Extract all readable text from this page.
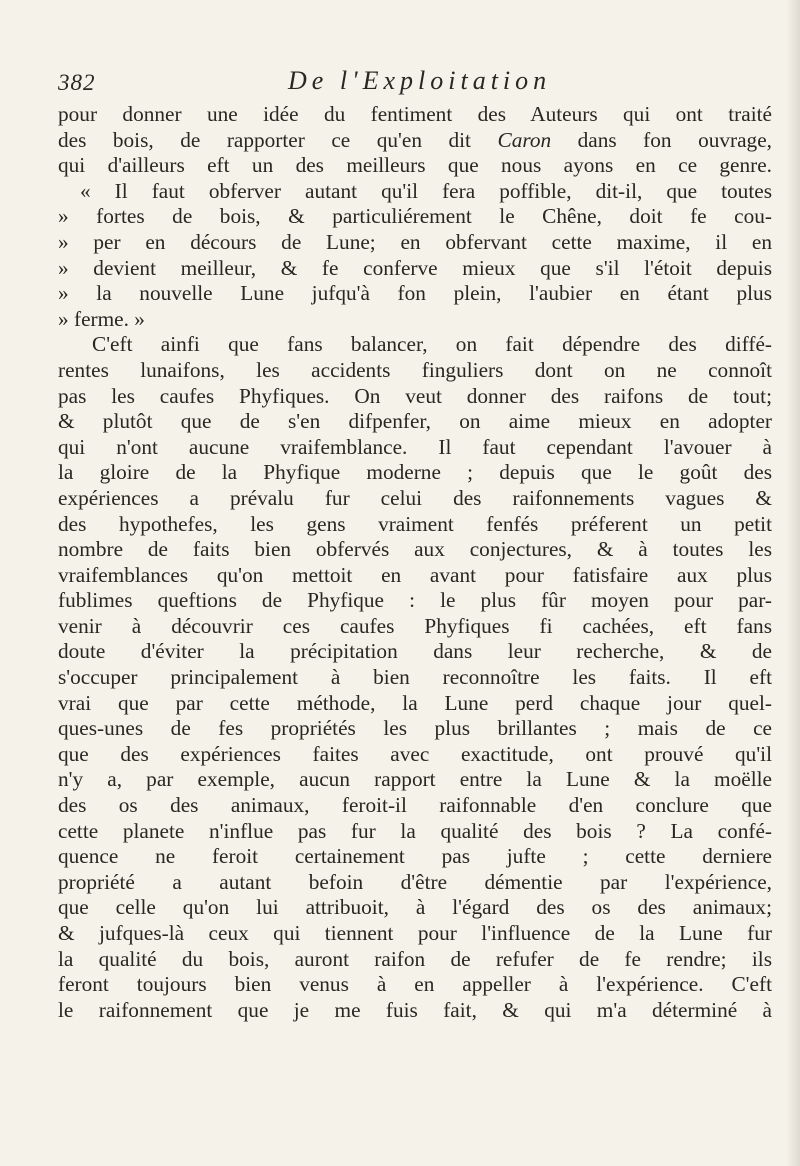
382	De l'Exploitation
pour donner une idée du fentiment des Auteurs qui ont traité
des bois, de rapporter ce qu'en dit Caron dans fon ouvrage,
qui d'ailleurs eft un des meilleurs que nous ayons en ce genre.
« Il faut obferver autant qu'il fera poffible, dit-il, que toutes
» fortes de bois, & particuliérement le Chêne, doit fe cou-
» per en décours de Lune; en obfervant cette maxime, il en
» devient meilleur, & fe conferve mieux que s'il l'étoit depuis
» la nouvelle Lune jufqu'à fon plein, l'aubier en étant plus
» ferme. »
C'eft ainfi que fans balancer, on fait dépendre des diffé-
rentes lunaifons, les accidents finguliers dont on ne connoît
pas les caufes Phyfiques. On veut donner des raifons de tout;
& plutôt que de s'en difpenfer, on aime mieux en adopter
qui n'ont aucune vraifemblance. Il faut cependant l'avouer à
la gloire de la Phyfique moderne ; depuis que le goût des
expériences a prévalu fur celui des raifonnements vagues &
des hypothefes, les gens vraiment fenfés préferent un petit
nombre de faits bien obfervés aux conjectures, & à toutes les
vraifemblances qu'on mettoit en avant pour fatisfaire aux plus
fublimes queftions de Phyfique : le plus fûr moyen pour par-
venir à découvrir ces caufes Phyfiques fi cachées, eft fans
doute d'éviter la précipitation dans leur recherche, & de
s'occuper principalement à bien reconnoître les faits. Il eft
vrai que par cette méthode, la Lune perd chaque jour quel-
ques-unes de fes propriétés les plus brillantes ; mais de ce
que des expériences faites avec exactitude, ont prouvé qu'il
n'y a, par exemple, aucun rapport entre la Lune & la moëlle
des os des animaux, feroit-il raifonnable d'en conclure que
cette planete n'influe pas fur la qualité des bois ? La confé-
quence ne feroit certainement pas jufte ; cette derniere
propriété a autant befoin d'être démentie par l'expérience,
que celle qu'on lui attribuoit, à l'égard des os des animaux;
& jufques-là ceux qui tiennent pour l'influence de la Lune fur
la qualité du bois, auront raifon de refufer de fe rendre; ils
feront toujours bien venus à en appeller à l'expérience. C'eft
le raifonnement que je me fuis fait, & qui m'a déterminé à
